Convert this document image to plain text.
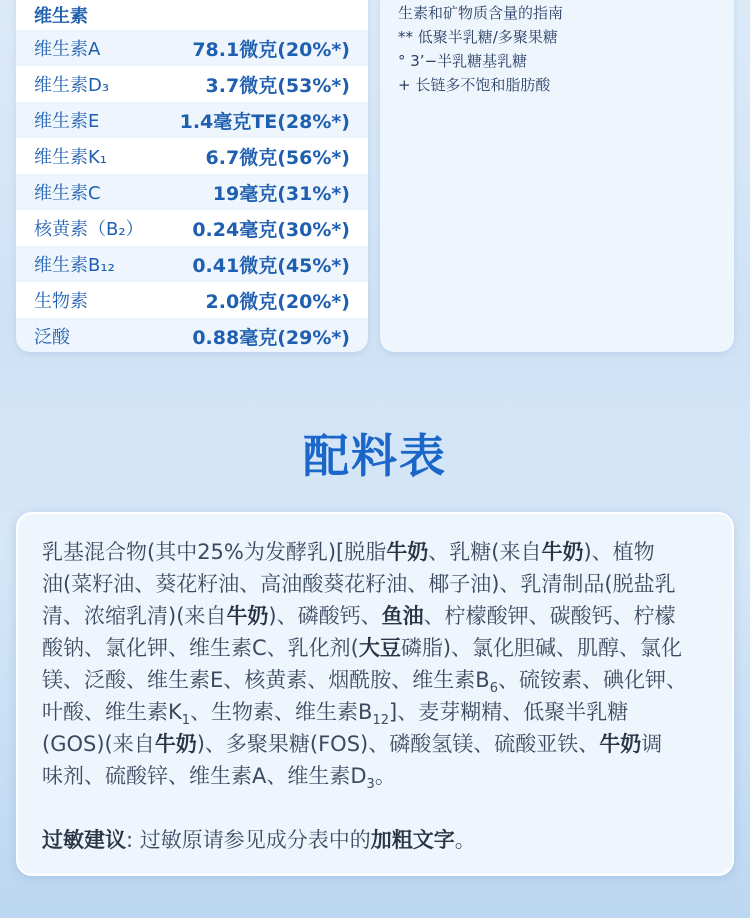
维生素
维生素A	78.1微克(20%*)
维生素D₃	3.7微克(53%*)
维生素E	1.4毫克TE(28%*)
维生素K₁	6.7微克(56%*)
维生素C	19毫克(31%*)
核黄素（B₂）	0.24毫克(30%*)
维生素B₁₂	0.41微克(45%*)
生物素	2.0微克(20%*)
泛酸	0.88毫克(29%*)
生素和矿物质含量的指南
** 低聚半乳糖/多聚果糖
° 3’−半乳糖基乳糖
+ 长链多不饱和脂肪酸
配料表
乳基混合物(其中25%为发酵乳)[脱脂牛奶、乳糖(来自牛奶)、植物
油(菜籽油、葵花籽油、高油酸葵花籽油、椰子油)、乳清制品(脱盐乳
清、浓缩乳清)(来自牛奶)、磷酸钙、鱼油、柠檬酸钾、碳酸钙、柠檬
酸钠、氯化钾、维生素C、乳化剂(大豆磷脂)、氯化胆碱、肌醇、氯化
镁、泛酸、维生素E、核黄素、烟酰胺、维生素$B_6$、硫铵素、碘化钾、
叶酸、维生素$K_1$、生物素、维生素$B_{12}$]、麦芽糊精、低聚半乳糖
(GOS)(来自牛奶)、多聚果糖(FOS)、磷酸氢镁、硫酸亚铁、牛奶调
味剂、硫酸锌、维生素A、维生素$D_3$。
过敏建议: 过敏原请参见成分表中的加粗文字。
